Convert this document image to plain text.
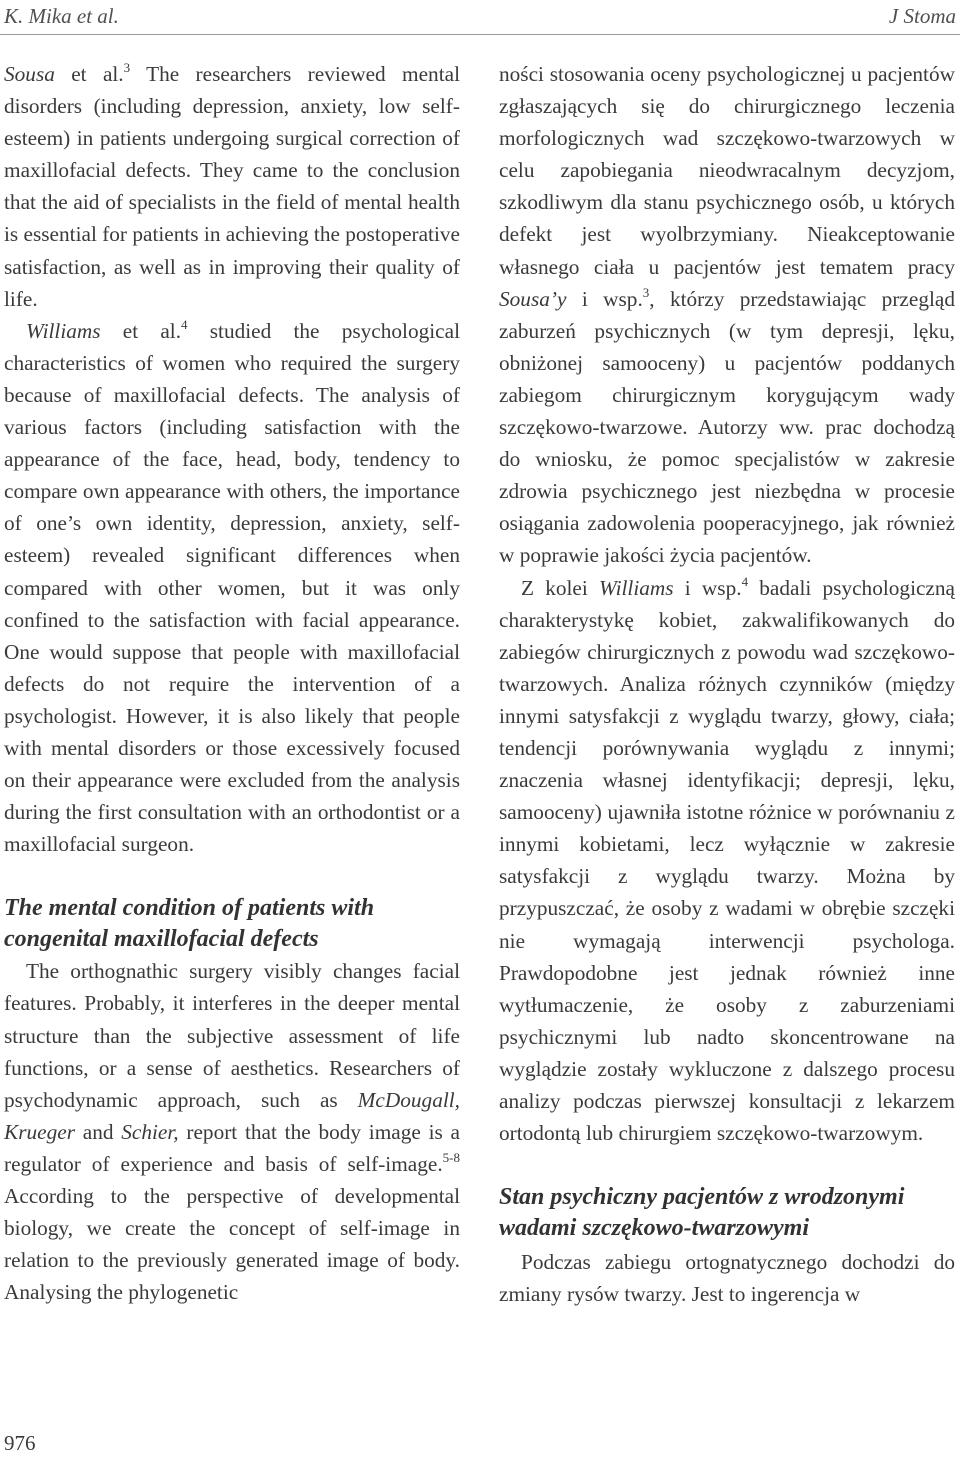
K. Mika et al.	J Stoma

Sousa et al.$^3$ The researchers reviewed mental disorders (including depression, anxiety, low self-esteem) in patients undergoing surgical correction of maxillofacial defects. They came to the conclusion that the aid of specialists in the field of mental health is essential for patients in achieving the postoperative satisfaction, as well as in improving their quality of life.

Williams et al.$^4$ studied the psychological characteristics of women who required the surgery because of maxillofacial defects. The analysis of various factors (including satisfaction with the appearance of the face, head, body, tendency to compare own appearance with others, the importance of one’s own identity, depression, anxiety, self-esteem) revealed significant differences when compared with other women, but it was only confined to the satisfaction with facial appearance. One would suppose that people with maxillofacial defects do not require the intervention of a psychologist. However, it is also likely that people with mental disorders or those excessively focused on their appearance were excluded from the analysis during the first consultation with an orthodontist or a maxillofacial surgeon.

The mental condition of patients with congenital maxillofacial defects

The orthognathic surgery visibly changes facial features. Probably, it interferes in the deeper mental structure than the subjective assessment of life functions, or a sense of aesthetics. Researchers of psychodynamic approach, such as McDougall, Krueger and Schier, report that the body image is a regulator of experience and basis of self-image.$^{5-8}$ According to the perspective of developmental biology, we create the concept of self-image in relation to the previously generated image of body. Analysing the phylogenetic

ności stosowania oceny psychologicznej u pacjentów zgłaszających się do chirurgicznego leczenia morfologicznych wad szczękowo-twarzowych w celu zapobiegania nieodwracalnym decyzjom, szkodliwym dla stanu psychicznego osób, u których defekt jest wyolbrzymiany. Nieakceptowanie własnego ciała u pacjentów jest tematem pracy Sousa’y i wsp.$^3$, którzy przedstawiając przegląd zaburzeń psychicznych (w tym depresji, lęku, obniżonej samooceny) u pacjentów poddanych zabiegom chirurgicznym korygującym wady szczękowo-twarzowe. Autorzy ww. prac dochodzą do wniosku, że pomoc specjalistów w zakresie zdrowia psychicznego jest niezbędna w procesie osiągania zadowolenia pooperacyjnego, jak również w poprawie jakości życia pacjentów.

Z kolei Williams i wsp.$^4$ badali psychologiczną charakterystykę kobiet, zakwalifikowanych do zabiegów chirurgicznych z powodu wad szczękowo-twarzowych. Analiza różnych czynników (między innymi satysfakcji z wyglądu twarzy, głowy, ciała; tendencji porównywania wyglądu z innymi; znaczenia własnej identyfikacji; depresji, lęku, samooceny) ujawniła istotne różnice w porównaniu z innymi kobietami, lecz wyłącznie w zakresie satysfakcji z wyglądu twarzy. Można by przypuszczać, że osoby z wadami w obrębie szczęki nie wymagają interwencji psychologa. Prawdopodobne jest jednak również inne wytłumaczenie, że osoby z zaburzeniami psychicznymi lub nadto skoncentrowane na wyglądzie zostały wykluczone z dalszego procesu analizy podczas pierwszej konsultacji z lekarzem ortodontą lub chirurgiem szczękowo-twarzowym.

Stan psychiczny pacjentów z wrodzonymi wadami szczękowo-twarzowymi

Podczas zabiegu ortognatycznego dochodzi do zmiany rysów twarzy. Jest to ingerencja w

976
